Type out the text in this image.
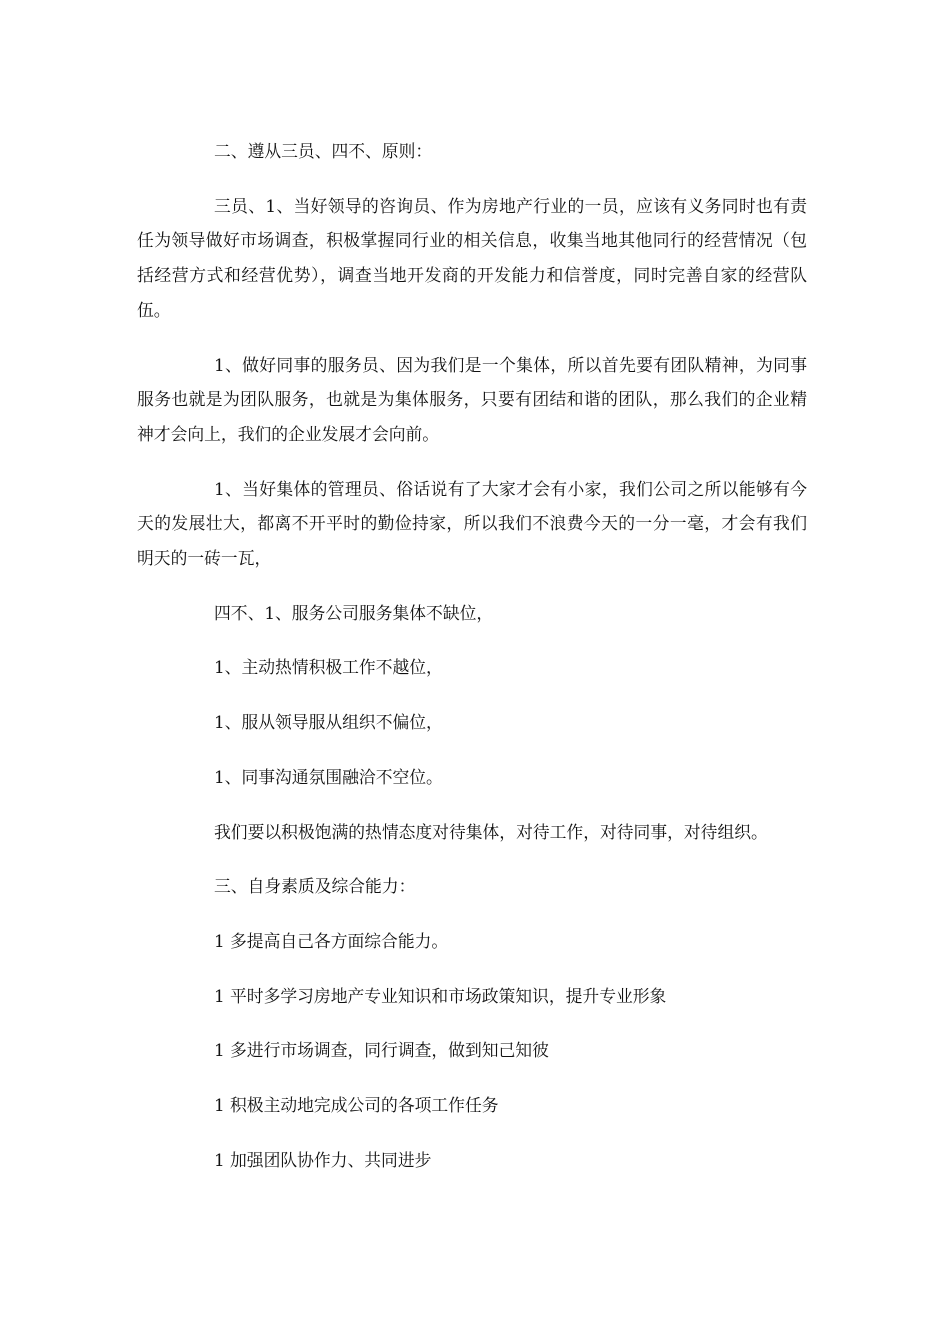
二、遵从三员、四不、原则：

三员、1、当好领导的咨询员、作为房地产行业的一员，应该有义务同时也有责任为领导做好市场调查，积极掌握同行业的相关信息，收集当地其他同行的经营情况（包括经营方式和经营优势），调查当地开发商的开发能力和信誉度，同时完善自家的经营队伍。

1、做好同事的服务员、因为我们是一个集体，所以首先要有团队精神，为同事服务也就是为团队服务，也就是为集体服务，只要有团结和谐的团队，那么我们的企业精神才会向上，我们的企业发展才会向前。

1、当好集体的管理员、俗话说有了大家才会有小家，我们公司之所以能够有今天的发展壮大，都离不开平时的勤俭持家，所以我们不浪费今天的一分一毫，才会有我们明天的一砖一瓦，

四不、1、服务公司服务集体不缺位，

1、主动热情积极工作不越位，

1、服从领导服从组织不偏位，

1、同事沟通氛围融洽不空位。

我们要以积极饱满的热情态度对待集体，对待工作，对待同事，对待组织。

三、自身素质及综合能力：

1 多提高自己各方面综合能力。

1 平时多学习房地产专业知识和市场政策知识，提升专业形象

1 多进行市场调查，同行调查，做到知己知彼

1 积极主动地完成公司的各项工作任务

1 加强团队协作力、共同进步
